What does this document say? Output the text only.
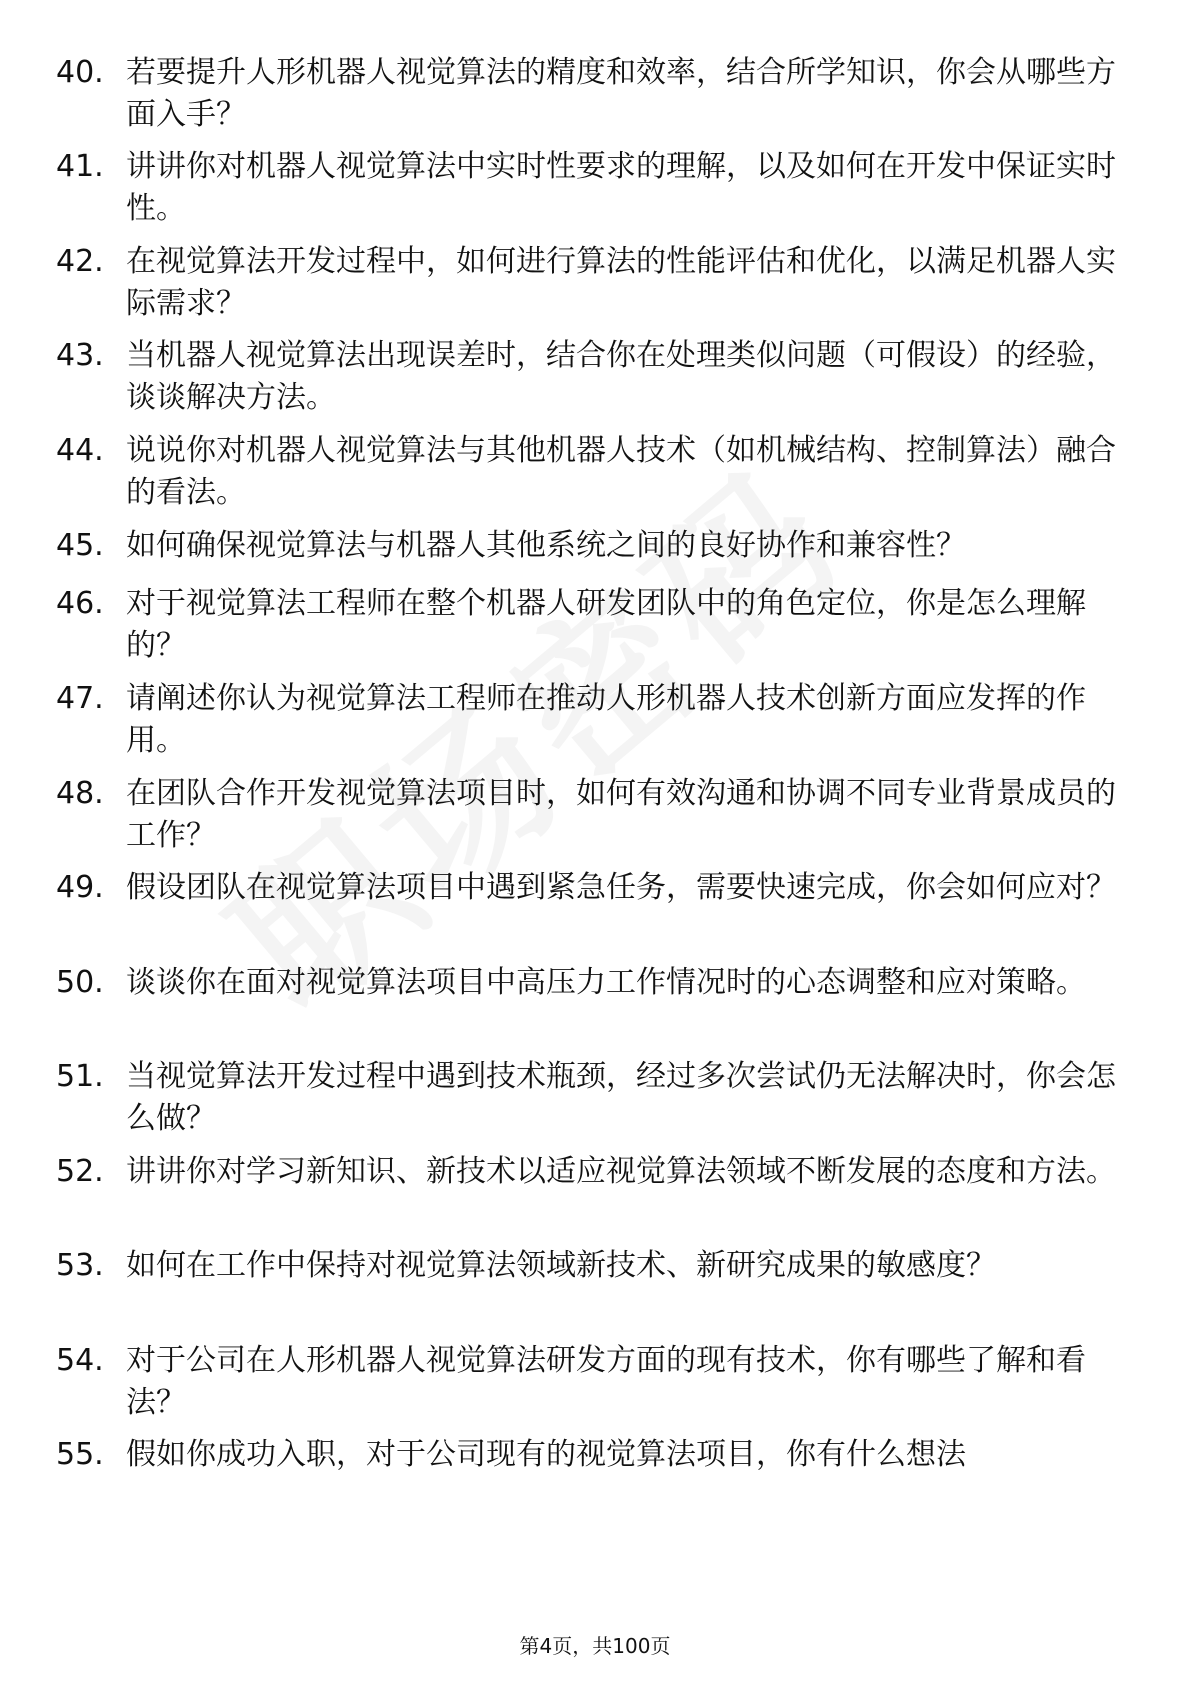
40. 若要提升人形机器人视觉算法的精度和效率，结合所学知识，你会从哪些方面入手？
41. 讲讲你对机器人视觉算法中实时性要求的理解，以及如何在开发中保证实时性。
42. 在视觉算法开发过程中，如何进行算法的性能评估和优化，以满足机器人实际需求？
43. 当机器人视觉算法出现误差时，结合你在处理类似问题（可假设）的经验，谈谈解决方法。
44. 说说你对机器人视觉算法与其他机器人技术（如机械结构、控制算法）融合的看法。
45. 如何确保视觉算法与机器人其他系统之间的良好协作和兼容性？
46. 对于视觉算法工程师在整个机器人研发团队中的角色定位，你是怎么理解的？
47. 请阐述你认为视觉算法工程师在推动人形机器人技术创新方面应发挥的作用。
48. 在团队合作开发视觉算法项目时，如何有效沟通和协调不同专业背景成员的工作？
49. 假设团队在视觉算法项目中遇到紧急任务，需要快速完成，你会如何应对？
50. 谈谈你在面对视觉算法项目中高压力工作情况时的心态调整和应对策略。
51. 当视觉算法开发过程中遇到技术瓶颈，经过多次尝试仍无法解决时，你会怎么做？
52. 讲讲你对学习新知识、新技术以适应视觉算法领域不断发展的态度和方法。
53. 如何在工作中保持对视觉算法领域新技术、新研究成果的敏感度？
54. 对于公司在人形机器人视觉算法研发方面的现有技术，你有哪些了解和看法？
55. 假如你成功入职，对于公司现有的视觉算法项目，你有什么想法
第4页，共100页
